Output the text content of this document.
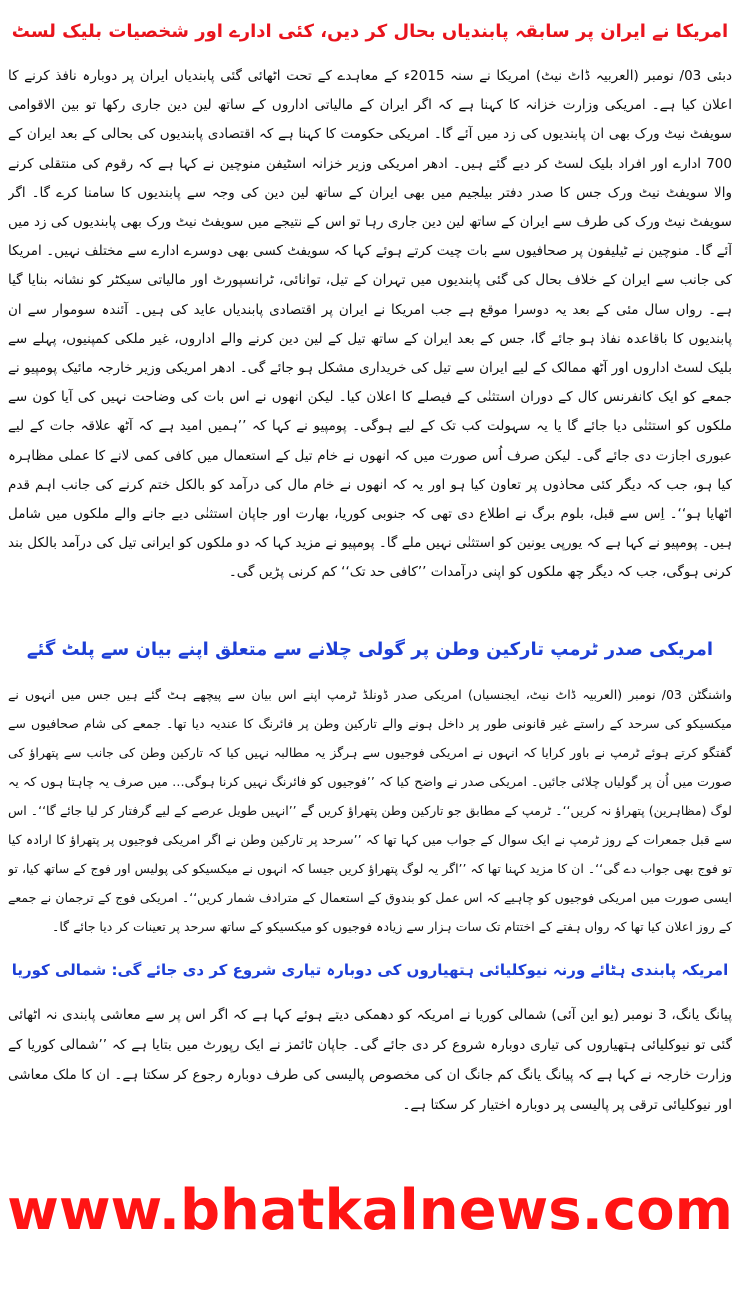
امریکا نے ایران پر سابقہ پابندیاں بحال کر دیں، کئی ادارے اور شخصیات بلیک لسٹ

دبئی 03/ نومبر (العربیہ ڈاٹ نیٹ) امریکا نے سنہ 2015ء کے معاہدے کے تحت اٹھائی گئی پابندیاں ایران پر دوبارہ نافذ کرنے کا اعلان کیا ہے۔ امریکی وزارت خزانہ کا کہنا ہے کہ اگر ایران کے مالیاتی اداروں کے ساتھ لین دین جاری رکھا تو بین الاقوامی سویفٹ نیٹ ورک بھی ان پابندیوں کی زد میں آئے گا۔ امریکی حکومت کا کہنا ہے کہ اقتصادی پابندیوں کی بحالی کے بعد ایران کے 700 ادارے اور افراد بلیک لسٹ کر دیے گئے ہیں۔ ادھر امریکی وزیر خزانہ اسٹیفن منوچین نے کہا ہے کہ رقوم کی منتقلی کرنے والا سویفٹ نیٹ ورک جس کا صدر دفتر بیلجیم میں بھی ایران کے ساتھ لین دین کی وجہ سے پابندیوں کا سامنا کرے گا۔ اگر سویفٹ نیٹ ورک کی طرف سے ایران کے ساتھ لین دین جاری رہا تو اس کے نتیجے میں سویفٹ نیٹ ورک بھی پابندیوں کی زد میں آئے گا۔ منوچین نے ٹیلیفون پر صحافیوں سے بات چیت کرتے ہوئے کہا کہ سویفٹ کسی بھی دوسرے ادارے سے مختلف نہیں۔ امریکا کی جانب سے ایران کے خلاف بحال کی گئی پابندیوں میں تہران کے تیل، توانائی، ٹرانسپورٹ اور مالیاتی سیکٹر کو نشانہ بنایا گیا ہے۔ رواں سال مئی کے بعد یہ دوسرا موقع ہے جب امریکا نے ایران پر اقتصادی پابندیاں عاید کی ہیں۔ آئندہ سوموار سے ان پابندیوں کا باقاعدہ نفاذ ہو جائے گا، جس کے بعد ایران کے ساتھ تیل کے لین دین کرنے والے اداروں، غیر ملکی کمپنیوں، پہلے سے بلیک لسٹ اداروں اور آٹھ ممالک کے لیے ایران سے تیل کی خریداری مشکل ہو جائے گی۔ ادھر امریکی وزیر خارجہ مائیک پومپیو نے جمعے کو ایک کانفرنس کال کے دوران استثنٰی کے فیصلے کا اعلان کیا۔ لیکن انھوں نے اس بات کی وضاحت نہیں کی آیا کون سے ملکوں کو استثنٰی دیا جائے گا یا یہ سہولت کب تک کے لیے ہوگی۔ پومپیو نے کہا کہ ’’ہمیں امید ہے کہ آٹھ علاقہ جات کے لیے عبوری اجازت دی جائے گی۔ لیکن صرف اُس صورت میں کہ انھوں نے خام تیل کے استعمال میں کافی کمی لانے کا عملی مظاہرہ کیا ہو، جب کہ دیگر کئی محاذوں پر تعاون کیا ہو اور یہ کہ انھوں نے خام مال کی درآمد کو بالکل ختم کرنے کی جانب اہم قدم اٹھایا ہو‘‘۔ اِس سے قبل، بلوم برگ نے اطلاع دی تھی کہ جنوبی کوریا، بھارت اور جاپان استثنٰی دیے جانے والے ملکوں میں شامل ہیں۔ پومپیو نے کہا ہے کہ یورپی یونین کو استثنٰی نہیں ملے گا۔ پومپیو نے مزید کہا کہ دو ملکوں کو ایرانی تیل کی درآمد بالکل بند کرنی ہوگی، جب کہ دیگر چھ ملکوں کو اپنی درآمدات ’’کافی حد تک‘‘ کم کرنی پڑیں گی۔

امریکی صدر ٹرمپ تارکین وطن پر گولی چلانے سے متعلق اپنے بیان سے پلٹ گئے

واشنگٹن 03/ نومبر (العربیہ ڈاٹ نیٹ، ایجنسیاں) امریکی صدر ڈونلڈ ٹرمپ اپنے اس بیان سے پیچھے ہٹ گئے ہیں جس میں انہوں نے میکسیکو کی سرحد کے راستے غیر قانونی طور پر داخل ہونے والے تارکین وطن پر فائرنگ کا عندیہ دیا تھا۔ جمعے کی شام صحافیوں سے گفتگو کرتے ہوئے ٹرمپ نے باور کرایا کہ انہوں نے امریکی فوجیوں سے ہرگز یہ مطالبہ نہیں کیا کہ تارکین وطن کی جانب سے پتھراؤ کی صورت میں اُن پر گولیاں چلائی جائیں۔ امریکی صدر نے واضح کیا کہ ’’فوجیوں کو فائرنگ نہیں کرنا ہوگی… میں صرف یہ چاہتا ہوں کہ یہ لوگ (مظاہرین) پتھراؤ نہ کریں‘‘۔ ٹرمپ کے مطابق جو تارکین وطن پتھراؤ کریں گے ’’انہیں طویل عرصے کے لیے گرفتار کر لیا جائے گا‘‘۔ اس سے قبل جمعرات کے روز ٹرمپ نے ایک سوال کے جواب میں کہا تھا کہ ’’سرحد پر تارکین وطن نے اگر امریکی فوجیوں پر پتھراؤ کا ارادہ کیا تو فوج بھی جواب دے گی‘‘۔ ان کا مزید کہنا تھا کہ ’’اگر یہ لوگ پتھراؤ کریں جیسا کہ انہوں نے میکسیکو کی پولیس اور فوج کے ساتھ کیا، تو ایسی صورت میں امریکی فوجیوں کو چاہیے کہ اس عمل کو بندوق کے استعمال کے مترادف شمار کریں‘‘۔ امریکی فوج کے ترجمان نے جمعے کے روز اعلان کیا تھا کہ رواں ہفتے کے اختتام تک سات ہزار سے زیادہ فوجیوں کو میکسیکو کے ساتھ سرحد پر تعینات کر دیا جائے گا۔

امریکہ پابندی ہٹائے ورنہ نیوکلیائی ہتھیاروں کی دوبارہ تیاری شروع کر دی جائے گی: شمالی کوریا

پیانگ یانگ، 3 نومبر (یو این آئی) شمالی کوریا نے امریکہ کو دھمکی دیتے ہوئے کہا ہے کہ اگر اس پر سے معاشی پابندی نہ اٹھائی گئی تو نیوکلیائی ہتھیاروں کی تیاری دوبارہ شروع کر دی جائے گی۔ جاپان ٹائمز نے ایک رپورٹ میں بتایا ہے کہ ’’شمالی کوریا کے وزارت خارجہ نے کہا ہے کہ پیانگ یانگ کم جانگ ان کی مخصوص پالیسی کی طرف دوبارہ رجوع کر سکتا ہے۔ ان کا ملک معاشی اور نیوکلیائی ترقی پر پالیسی پر دوبارہ اختیار کر سکتا ہے۔

www.bhatkalnews.com
